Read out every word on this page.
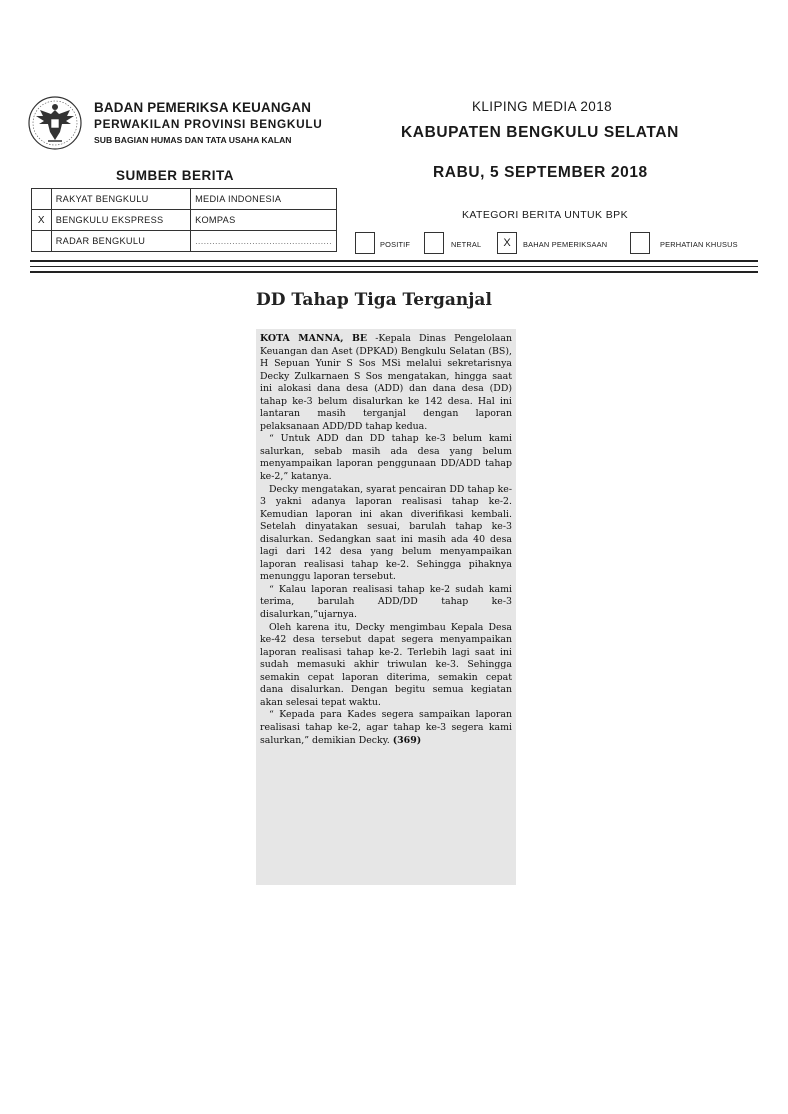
BADAN PEMERIKSA KEUANGAN
PERWAKILAN PROVINSI BENGKULU
SUB BAGIAN HUMAS DAN TATA USAHA KALAN
KLIPING MEDIA 2018
KABUPATEN BENGKULU SELATAN
RABU, 5 SEPTEMBER 2018
SUMBER BERITA
	RAKYAT BENGKULU	MEDIA INDONESIA
X	BENGKULU EKSPRESS	KOMPAS
	RADAR BENGKULU	................................................
KATEGORI BERITA UNTUK BPK
POSITIF	NETRAL	X	BAHAN PEMERIKSAAN	PERHATIAN KHUSUS
DD Tahap Tiga Terganjal

KOTA MANNA, BE -Kepala Dinas Pengelolaan Keuangan dan Aset (DPKAD) Bengkulu Selatan (BS), H Sepuan Yunir S Sos MSi melalui sekretarisnya Decky Zulkarnaen S Sos mengatakan, hingga saat ini alokasi dana desa (ADD) dan dana desa (DD) tahap ke-3 belum disalurkan ke 142 desa. Hal ini lantaran masih terganjal dengan laporan pelaksanaan ADD/DD tahap kedua.

“ Untuk ADD dan DD tahap ke-3 belum kami salurkan, sebab masih ada desa yang belum menyampaikan laporan penggunaan DD/ADD tahap ke-2,” katanya.

Decky mengatakan, syarat pencairan DD tahap ke-3 yakni adanya laporan realisasi tahap ke-2. Kemudian laporan ini akan diverifikasi kembali. Setelah dinyatakan sesuai, barulah tahap ke-3 disalurkan. Sedangkan saat ini masih ada 40 desa lagi dari 142 desa yang belum menyampaikan laporan realisasi tahap ke-2. Sehingga pihaknya menunggu laporan tersebut.

“ Kalau laporan realisasi tahap ke-2 sudah kami terima, barulah ADD/DD tahap ke-3 disalurkan,”ujarnya.

Oleh karena itu, Decky mengimbau Kepala Desa ke-42 desa tersebut dapat segera menyampaikan laporan realisasi tahap ke-2. Terlebih lagi saat ini sudah memasuki akhir triwulan ke-3. Sehingga semakin cepat laporan diterima, semakin cepat dana disalurkan. Dengan begitu semua kegiatan akan selesai tepat waktu.

“ Kepada para Kades segera sampaikan laporan realisasi tahap ke-2, agar tahap ke-3 segera kami salurkan,” demikian Decky. (369)
